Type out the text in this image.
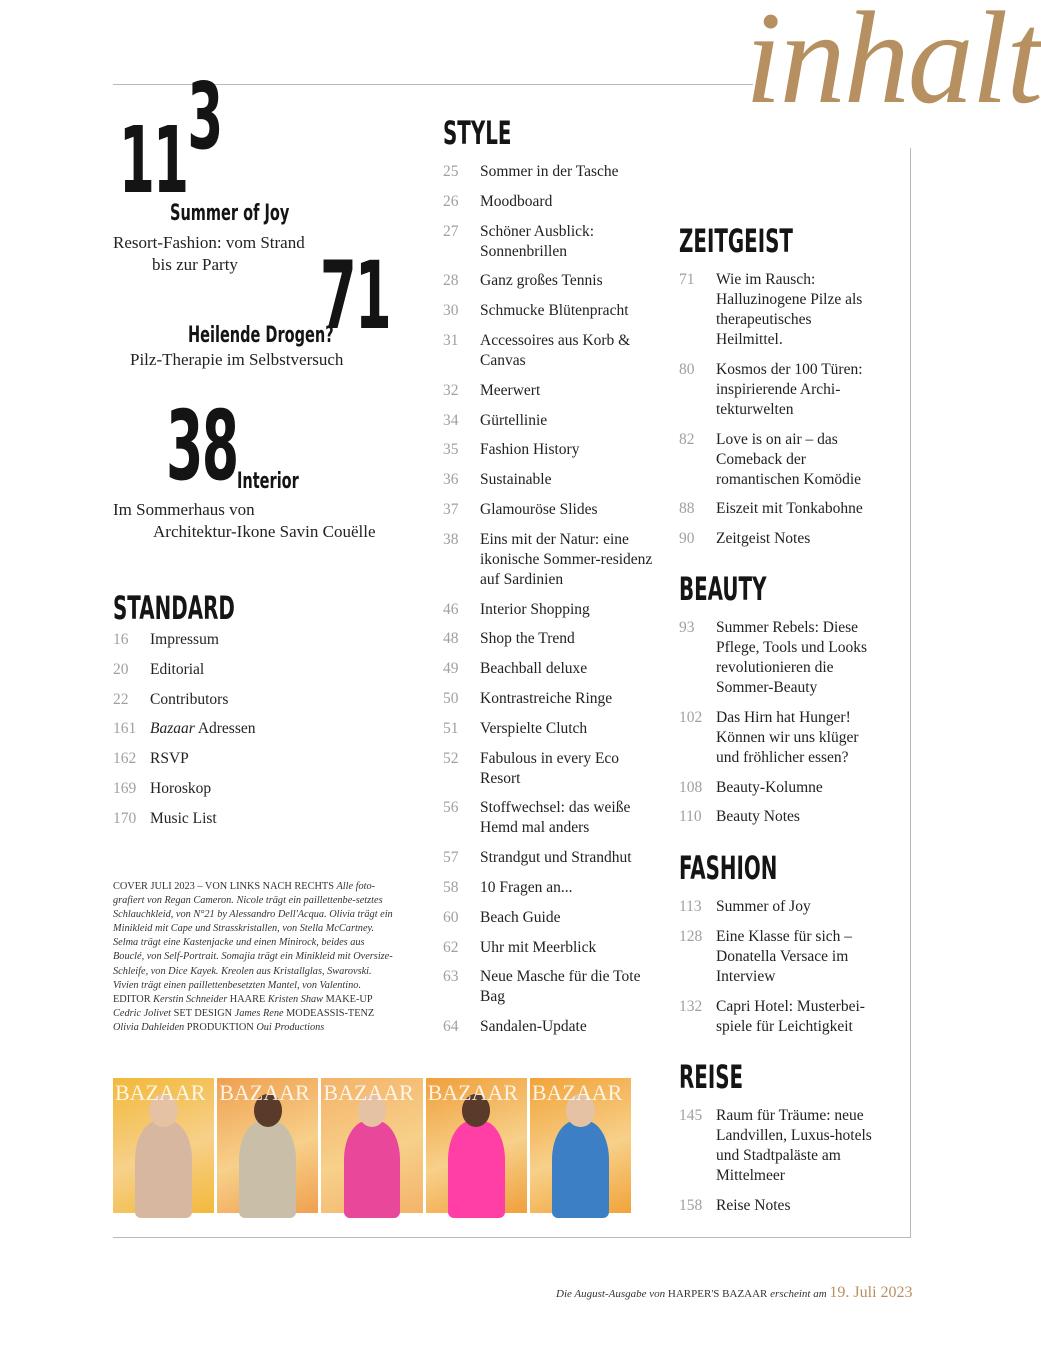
inhalt
113
Summer of Joy
Resort-Fashion: vom Strand
bis zur Party 71
Heilende Drogen?
Pilz-Therapie im Selbstversuch
38 Interior
Im Sommerhaus von
Architektur-Ikone Savin Couëlle
STANDARD
16	Impressum
20	Editorial
22	Contributors
161 Bazaar Adressen
162 RSVP
169 Horoskop
170 Music List
STYLE
25	Sommer in der Tasche
26	Moodboard
27	Schöner Ausblick: Sonnenbrillen
28	Ganz großes Tennis
30	Schmucke Blütenpracht
31	Accessoires aus Korb & Canvas
32	Meerwert
34	Gürtellinie
35	Fashion History
36	Sustainable
37	Glamouröse Slides
38	Eins mit der Natur: eine ikonische Sommer-residenz auf Sardinien
46	Interior Shopping
48	Shop the Trend
49	Beachball deluxe
50	Kontrastreiche Ringe
51	Verspielte Clutch
52	Fabulous in every Eco Resort
56	Stoffwechsel: das weiße Hemd mal anders
57	Strandgut und Strandhut
58	10 Fragen an...
60	Beach Guide
62	Uhr mit Meerblick
63	Neue Masche für die Tote Bag
64	Sandalen-Update
ZEITGEIST
71	Wie im Rausch: Halluzinogene Pilze als therapeutisches Heilmittel.
80	Kosmos der 100 Türen: inspirierende Archi-tekturwelten
82	Love is on air – das Comeback der romantischen Komödie
88	Eiszeit mit Tonkabohne
90	Zeitgeist Notes
BEAUTY
93	Summer Rebels: Diese Pflege, Tools und Looks revolutionieren die Sommer-Beauty
102 Das Hirn hat Hunger! Können wir uns klüger und fröhlicher essen?
108 Beauty-Kolumne
110 Beauty Notes
FASHION
113 Summer of Joy
128 Eine Klasse für sich – Donatella Versace im Interview
132 Capri Hotel: Musterbei-spiele für Leichtigkeit
REISE
145 Raum für Träume: neue Landvillen, Luxus-hotels und Stadtpaläste am Mittelmeer
158 Reise Notes
COVER JULI 2023 – VON LINKS NACH RECHTS Alle foto-grafiert von Regan Cameron. Nicole trägt ein paillettenbe-setztes Schlauchkleid, von N°21 by Alessandro Dell'Acqua. Olivia trägt ein Minikleid mit Cape und Strasskristallen, von Stella McCartney. Selma trägt eine Kastenjacke und einen Minirock, beides aus Bouclé, von Self-Portrait. Somajia trägt ein Minikleid mit Oversize-Schleife, von Dice Kayek. Kreolen aus Kristallglas, Swarovski. Vivien trägt einen paillettenbesetzten Mantel, von Valentino. EDITOR Kerstin Schneider HAARE Kristen Shaw MAKE-UP Cedric Jolivet SET DESIGN James Rene MODEASSIS-TENZ Olivia Dahleiden PRODUKTION Oui Productions
BAZAAR BAZAAR BAZAAR BAZAAR BAZAAR
Die August-Ausgabe von HARPER'S BAZAAR erscheint am 19. Juli 2023
